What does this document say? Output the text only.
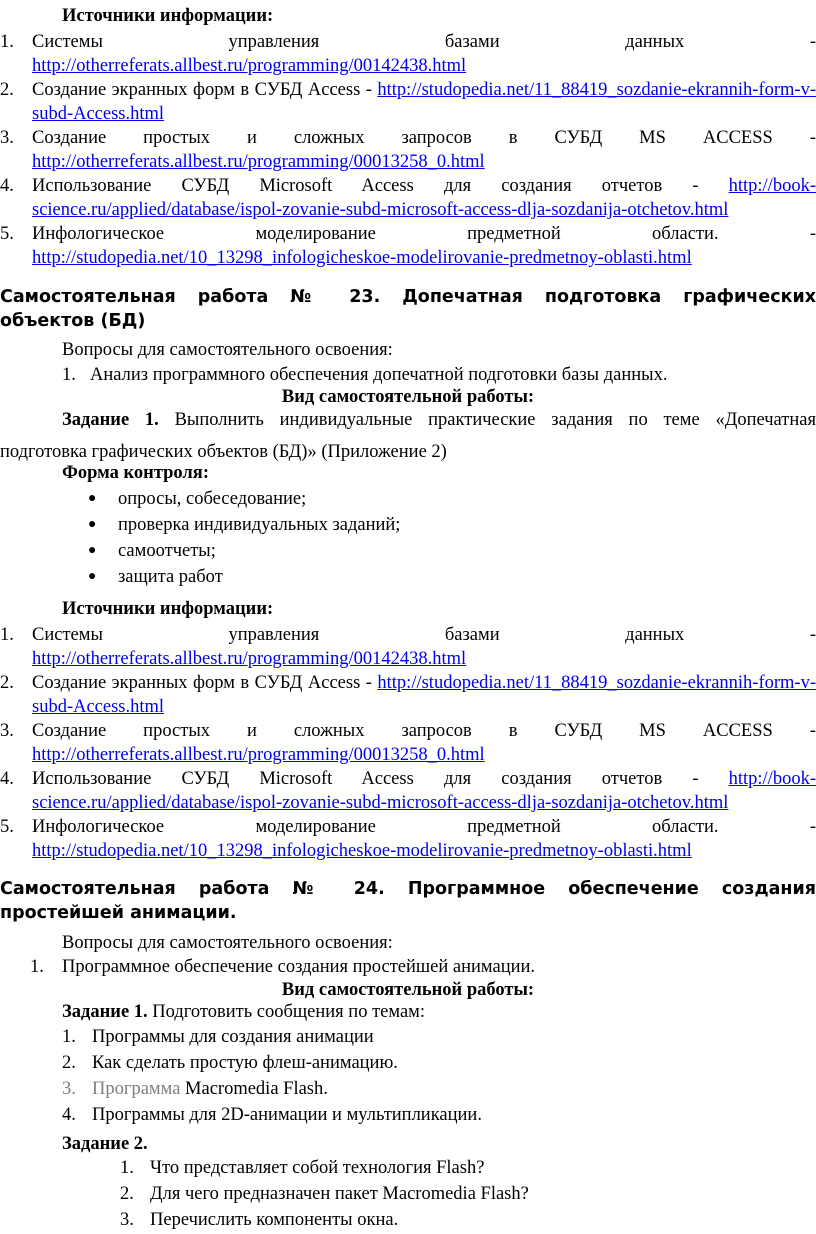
Источники информации:
1. Системы	управления	базами	данных	-
http://otherreferats.allbest.ru/programming/00142438.html
2. Создание экранных форм в СУБД Access - http://studopedia.net/11_88419_sozdanie-ekrannih-form-v-subd-Access.html
3. Создание простых и сложных запросов в СУБД MS ACCESS -
http://otherreferats.allbest.ru/programming/00013258_0.html
4. Использование СУБД Microsoft Access для создания отчетов - http://book-science.ru/applied/database/ispol-zovanie-subd-microsoft-access-dlja-sozdanija-otchetov.html
5. Инфологическое	моделирование	предметной	области.	-
http://studopedia.net/10_13298_infologicheskoe-modelirovanie-predmetnoy-oblasti.html
Самостоятельная работа № 23. Допечатная подготовка графических
объектов (БД)
Вопросы для самостоятельного освоения:
1. Анализ программного обеспечения допечатной подготовки базы данных.
Вид самостоятельной работы:
Задание 1. Выполнить индивидуальные практические задания по теме «Допечатная
подготовка графических объектов (БД)» (Приложение 2)
Форма контроля:
● опросы, собеседование;
● проверка индивидуальных заданий;
● самоотчеты;
● защита работ
Источники информации:
1. Системы	управления	базами	данных	-
http://otherreferats.allbest.ru/programming/00142438.html
2. Создание экранных форм в СУБД Access - http://studopedia.net/11_88419_sozdanie-ekrannih-form-v-subd-Access.html
3. Создание простых и сложных запросов в СУБД MS ACCESS -
http://otherreferats.allbest.ru/programming/00013258_0.html
4. Использование СУБД Microsoft Access для создания отчетов - http://book-science.ru/applied/database/ispol-zovanie-subd-microsoft-access-dlja-sozdanija-otchetov.html
5. Инфологическое	моделирование	предметной	области.	-
http://studopedia.net/10_13298_infologicheskoe-modelirovanie-predmetnoy-oblasti.html
Самостоятельная работа № 24. Программное обеспечение создания
простейшей анимации.
Вопросы для самостоятельного освоения:
1. Программное обеспечение создания простейшей анимации.
Вид самостоятельной работы:
Задание 1. Подготовить сообщения по темам:
1. Программы для создания анимации
2. Как сделать простую флеш-анимацию.
3. Программа Macromedia Flash.
4. Программы для 2D-анимации и мультипликации.
Задание 2.
1. Что представляет собой технология Flash?
2. Для чего предназначен пакет Macromedia Flash?
3. Перечислить компоненты окна.
